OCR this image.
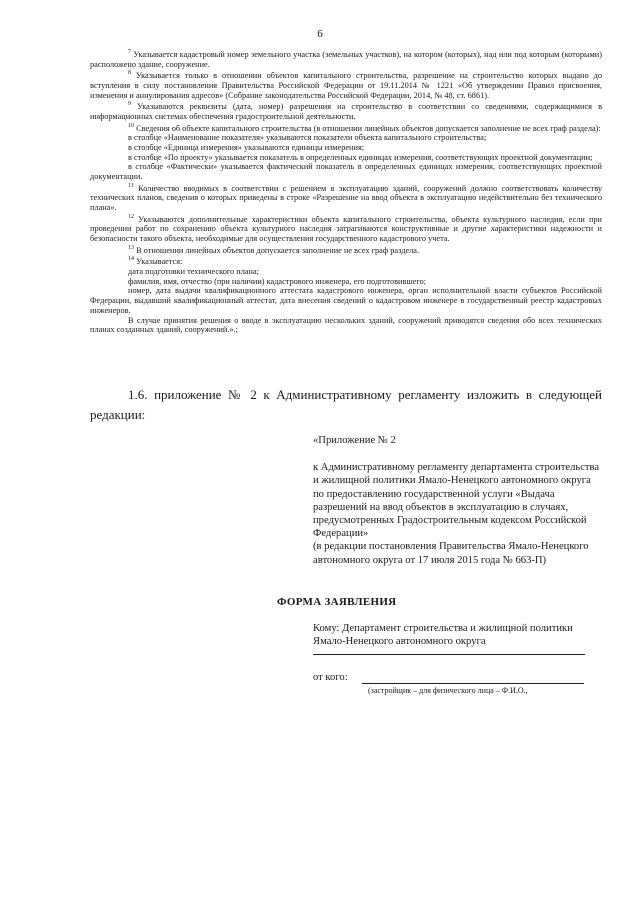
6

$^7$ Указывается кадастровый номер земельного участка (земельных участков), на котором (которых), над или под которым (которыми) расположено здание, сооружение.

$^8$ Указывается только в отношении объектов капитального строительства, разрешение на строительство которых выдано до вступления в силу постановления Правительства Российской Федерации от 19.11.2014 № 1221 «Об утверждении Правил присвоения, изменения и аннулирования адресов» (Собрание законодательства Российской Федерации, 2014, № 48, ст. 6861).

$^9$ Указываются реквизиты (дата, номер) разрешения на строительство в соответствии со сведениями, содержащимися в информационных системах обеспечения градостроительной деятельности.

$^{10}$ Сведения об объекте капитального строительства (в отношении линейных объектов допускается заполнение не всех граф раздела):

в столбце «Наименование показателя» указываются показатели объекта капитального строительства;

в столбце «Единица измерения» указываются единицы измерения;

в столбце «По проекту» указывается показатель в определенных единицах измерения, соответствующих проектной документации;

в столбце «Фактически» указывается фактический показатель в определенных единицах измерения, соответствующих проектной документации.

$^{11}$ Количество вводимых в соответствии с решением в эксплуатацию зданий, сооружений должно соответствовать количеству технических планов, сведения о которых приведены в строке «Разрешение на ввод объекта в эксплуатацию недействительно без технического плана».

$^{12}$ Указываются дополнительные характеристики объекта капитального строительства, объекта культурного наследия, если при проведении работ по сохранению объекта культурного наследия затрагиваются конструктивные и другие характеристики надежности и безопасности такого объекта, необходимые для осуществления государственного кадастрового учета.

$^{13}$ В отношении линейных объектов допускается заполнение не всех граф раздела.

$^{14}$ Указывается:

дата подготовки технического плана;

фамилия, имя, отчество (при наличии) кадастрового инженера, его подготовившего;

номер, дата выдачи квалификационного аттестата кадастрового инженера, орган исполнительной власти субъектов Российской Федерации, выдавший квалификационный аттестат, дата внесения сведений о кадастровом инженере в государственный реестр кадастровых инженеров.

В случае принятия решения о вводе в эксплуатацию нескольких зданий, сооружений приводятся сведения обо всех технических планах созданных зданий, сооружений.».;

1.6. приложение № 2 к Административному регламенту изложить в следующей редакции:

«Приложение № 2

к Административному регламенту департамента строительства и жилищной политики Ямало-Ненецкого автономного округа по предоставлению государственной услуги «Выдача разрешений на ввод объектов в эксплуатацию в случаях, предусмотренных Градостроительным кодексом Российской Федерации»

(в редакции постановления Правительства Ямало-Ненецкого автономного округа от 17 июля 2015 года № 663-П)

ФОРМА ЗАЯВЛЕНИЯ

Кому: Департамент строительства и жилищной политики Ямало-Ненецкого автономного округа

от кого:
(застройщик – для физического лица – Ф.И.О.,
